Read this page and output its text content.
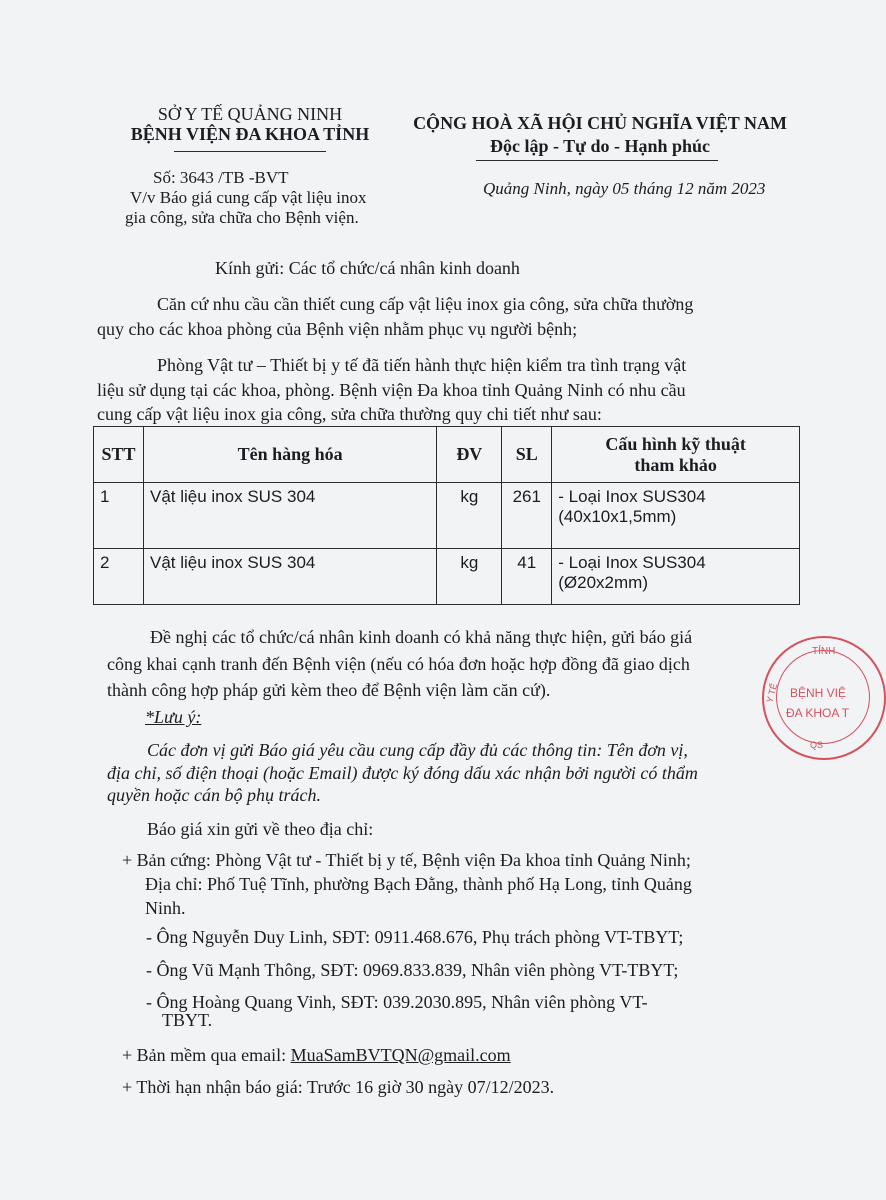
SỞ Y TẾ QUẢNG NINH
BỆNH VIỆN ĐA KHOA TỈNH
Số: 3643 /TB -BVT
V/v Báo giá cung cấp vật liệu inox
gia công, sửa chữa cho Bệnh viện.
CỘNG HOÀ XÃ HỘI CHỦ NGHĨA VIỆT NAM
Độc lập - Tự do - Hạnh phúc
Quảng Ninh, ngày 05 tháng 12 năm 2023
Kính gửi: Các tổ chức/cá nhân kinh doanh
Căn cứ nhu cầu cần thiết cung cấp vật liệu inox gia công, sửa chữa thường
quy cho các khoa phòng của Bệnh viện nhằm phục vụ người bệnh;
Phòng Vật tư – Thiết bị y tế đã tiến hành thực hiện kiểm tra tình trạng vật
liệu sử dụng tại các khoa, phòng. Bệnh viện Đa khoa tỉnh Quảng Ninh có nhu cầu
cung cấp vật liệu inox gia công, sửa chữa thường quy chi tiết như sau:
STT	Tên hàng hóa	ĐV	SL	Cấu hình kỹ thuật
tham khảo

1	Vật liệu inox SUS 304	kg	261	- Loại Inox SUS304
(40x10x1,5mm)

2	Vật liệu inox SUS 304	kg	41	- Loại Inox SUS304
(Ø20x2mm)
Đề nghị các tổ chức/cá nhân kinh doanh có khả năng thực hiện, gửi báo giá
công khai cạnh tranh đến Bệnh viện (nếu có hóa đơn hoặc hợp đồng đã giao dịch
thành công hợp pháp gửi kèm theo để Bệnh viện làm căn cứ).
*Lưu ý:
Các đơn vị gửi Báo giá yêu cầu cung cấp đầy đủ các thông tin: Tên đơn vị,
địa chỉ, số điện thoại (hoặc Email) được ký đóng dấu xác nhận bởi người có thẩm
quyền hoặc cán bộ phụ trách.
Báo giá xin gửi về theo địa chỉ:
+ Bản cứng: Phòng Vật tư - Thiết bị y tế, Bệnh viện Đa khoa tỉnh Quảng Ninh;
Địa chỉ: Phố Tuệ Tĩnh, phường Bạch Đằng, thành phố Hạ Long, tỉnh Quảng
Ninh.
- Ông Nguyễn Duy Linh, SĐT: 0911.468.676, Phụ trách phòng VT-TBYT;
- Ông Vũ Mạnh Thông, SĐT: 0969.833.839, Nhân viên phòng VT-TBYT;
- Ông Hoàng Quang Vinh, SĐT: 039.2030.895, Nhân viên phòng VT-
TBYT.
+ Bản mềm qua email: MuaSamBVTQN@gmail.com
+ Thời hạn nhận báo giá: Trước 16 giờ 30 ngày 07/12/2023.
TỈNH
Y TẾ BỆNH VIỆ
ĐA KHOA T
QS
